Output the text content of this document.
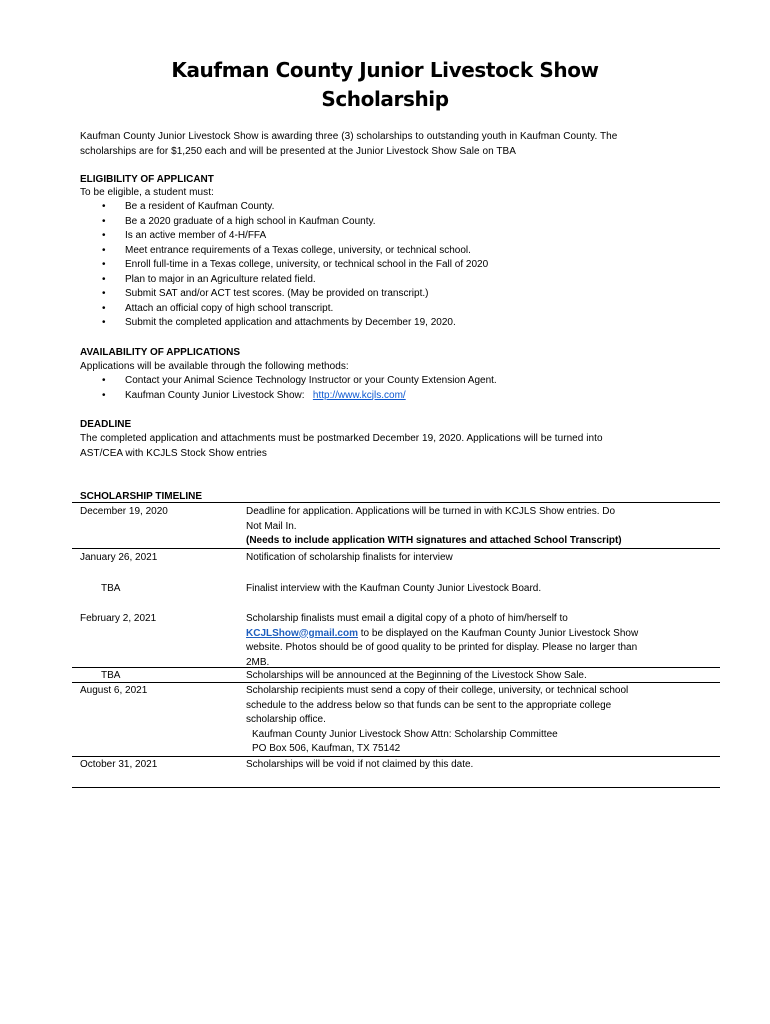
Kaufman County Junior Livestock Show
Scholarship
Kaufman County Junior Livestock Show is awarding three (3) scholarships to outstanding youth in Kaufman County. The
scholarships are for $1,250 each and will be presented at the Junior Livestock Show Sale on TBA
ELIGIBILITY OF APPLICANT
To be eligible, a student must:
• Be a resident of Kaufman County.
• Be a 2020 graduate of a high school in Kaufman County.
• Is an active member of 4-H/FFA
• Meet entrance requirements of a Texas college, university, or technical school.
• Enroll full-time in a Texas college, university, or technical school in the Fall of 2020
• Plan to major in an Agriculture related field.
• Submit SAT and/or ACT test scores. (May be provided on transcript.)
• Attach an official copy of high school transcript.
• Submit the completed application and attachments by December 19, 2020.
AVAILABILITY OF APPLICATIONS
Applications will be available through the following methods:
• Contact your Animal Science Technology Instructor or your County Extension Agent.
• Kaufman County Junior Livestock Show: http://www.kcjls.com/
DEADLINE
The completed application and attachments must be postmarked December 19, 2020. Applications will be turned into
AST/CEA with KCJLS Stock Show entries
SCHOLARSHIP TIMELINE
December 19, 2020	Deadline for application. Applications will be turned in with KCJLS Show entries. Do
Not Mail In.
(Needs to include application WITH signatures and attached School Transcript)
January 26, 2021	Notification of scholarship finalists for interview
TBA	Finalist interview with the Kaufman County Junior Livestock Board.
February 2, 2021	Scholarship finalists must email a digital copy of a photo of him/herself to
KCJLShow@gmail.com to be displayed on the Kaufman County Junior Livestock Show
website. Photos should be of good quality to be printed for display. Please no larger than
2MB.
TBA	Scholarships will be announced at the Beginning of the Livestock Show Sale.
August 6, 2021	Scholarship recipients must send a copy of their college, university, or technical school
schedule to the address below so that funds can be sent to the appropriate college
scholarship office.
Kaufman County Junior Livestock Show Attn: Scholarship Committee
PO Box 506, Kaufman, TX 75142
October 31, 2021	Scholarships will be void if not claimed by this date.
